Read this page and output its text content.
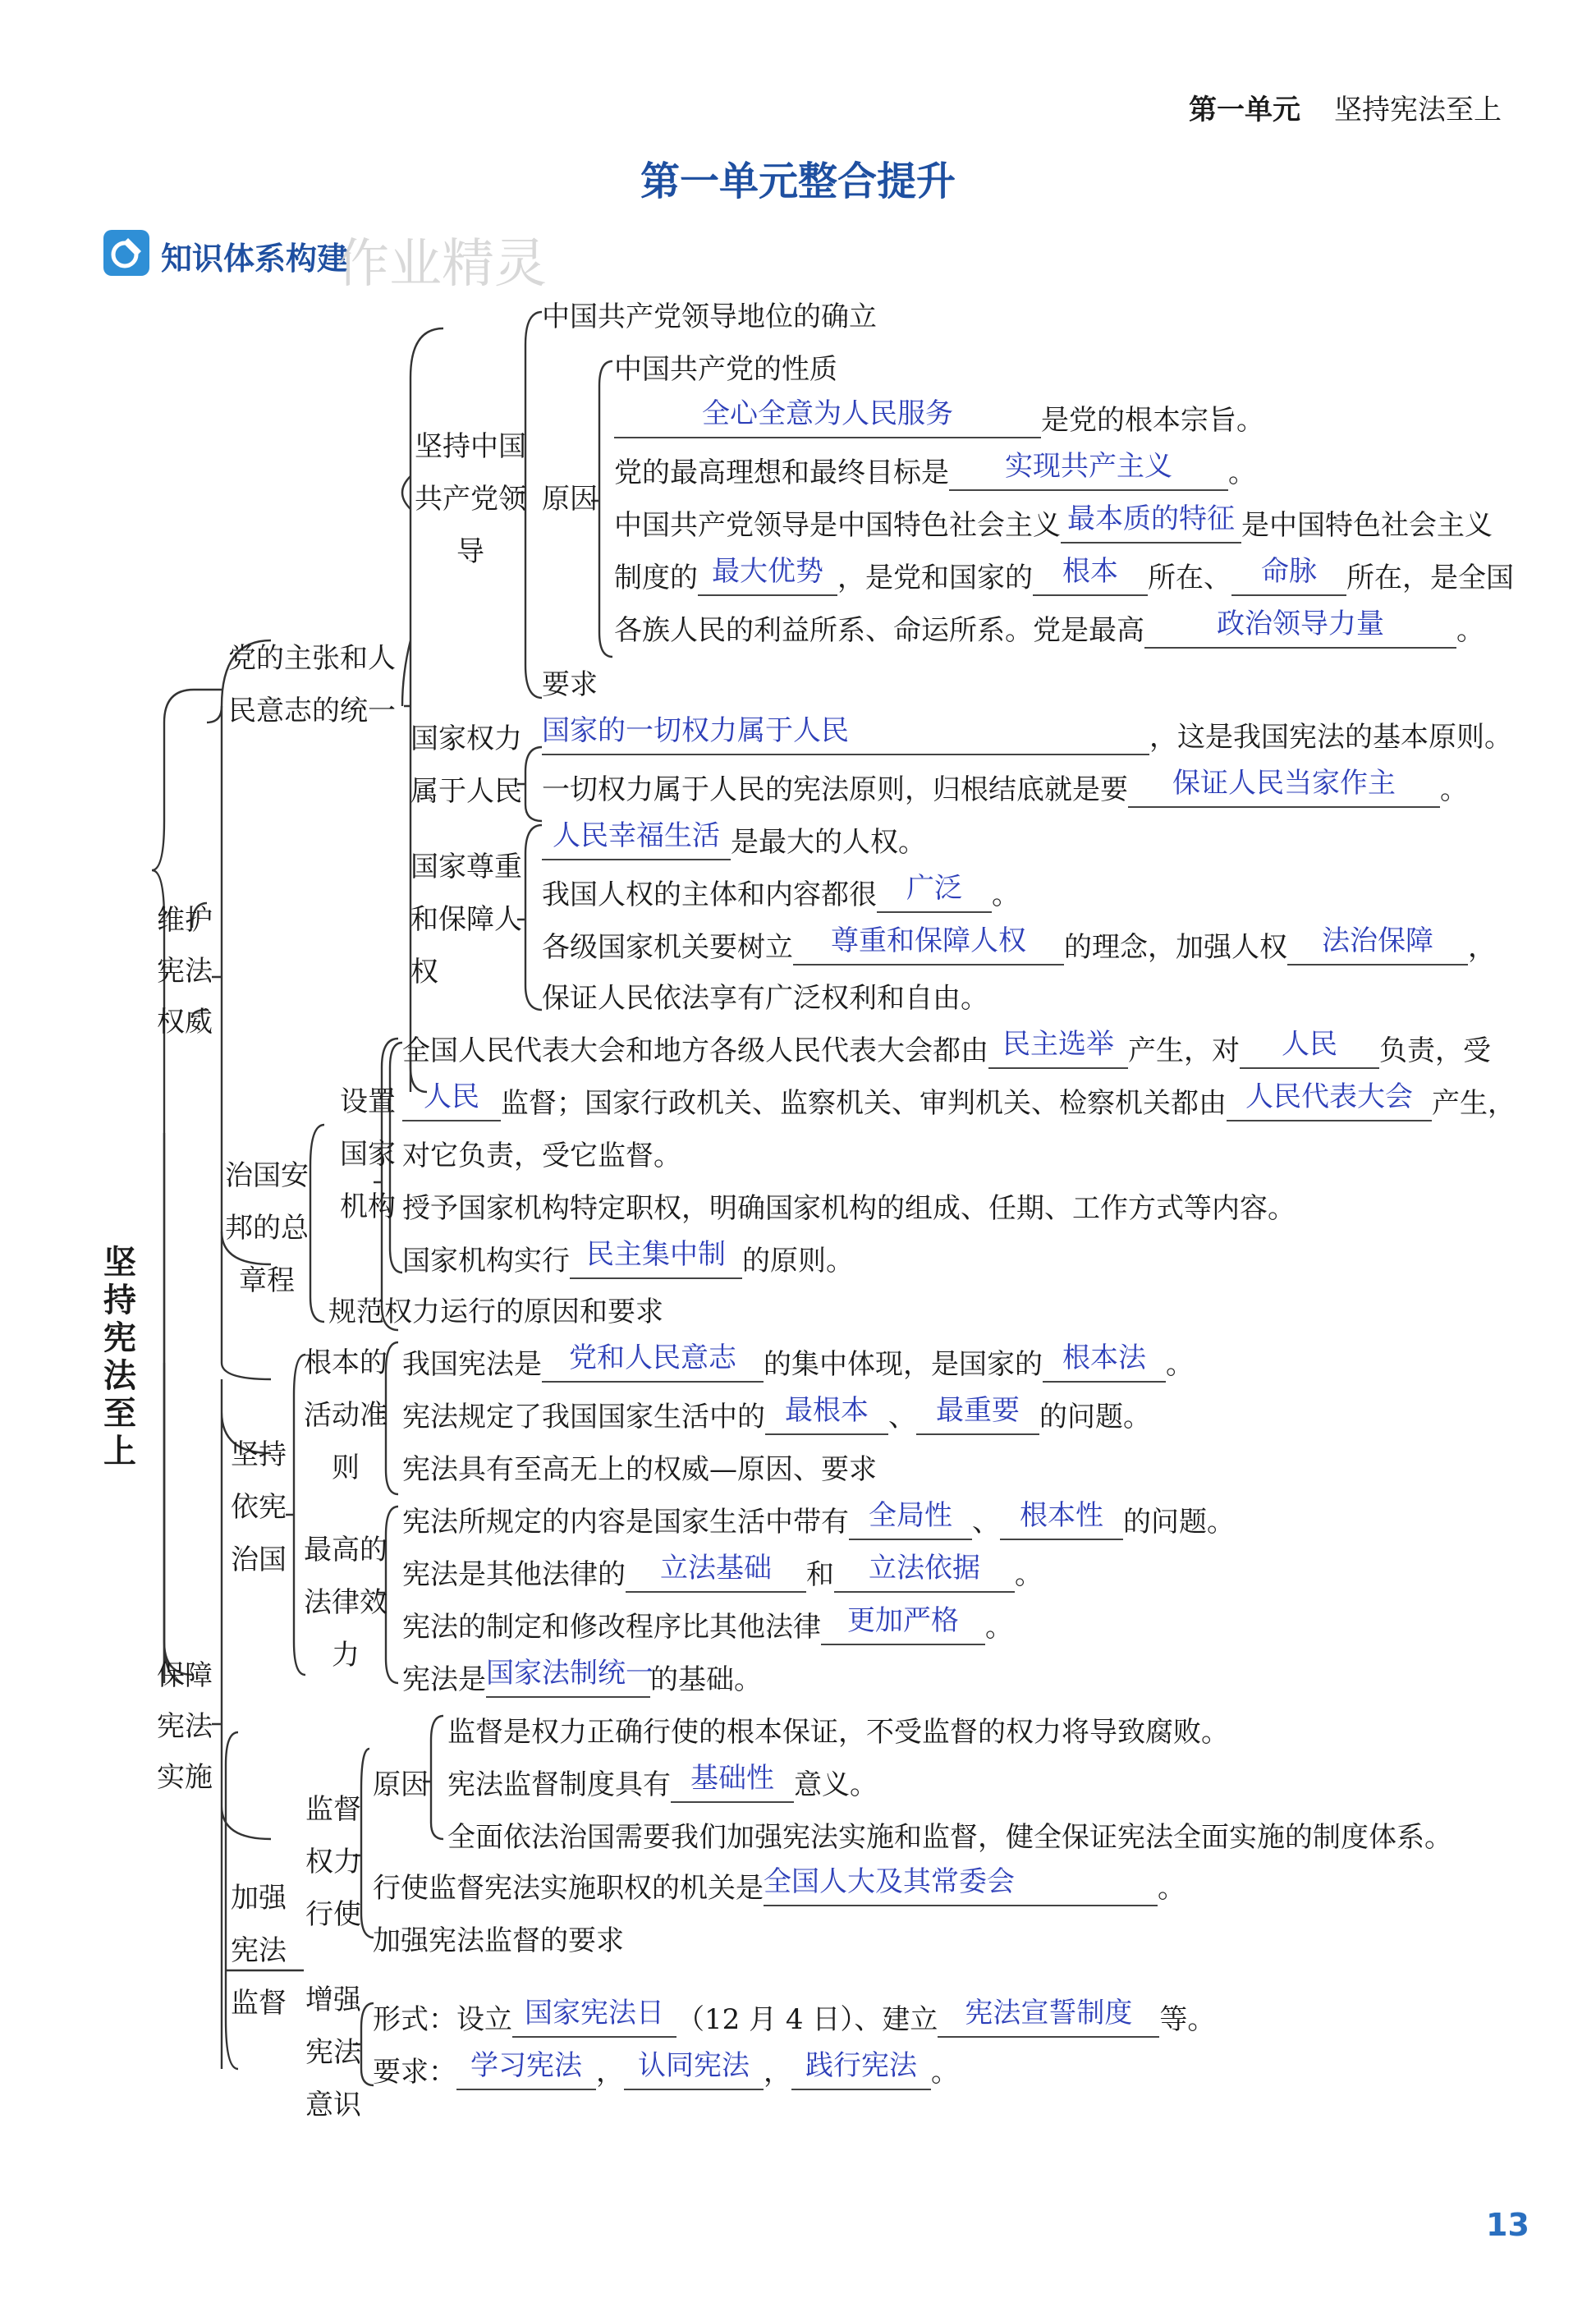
第一单元 坚持宪法至上
第一单元整合提升
知识体系构建
作业精灵
坚持宪法至上
维护宪法权威
保障宪法实施
党的主张和人民意志的统一
治国安邦的总章程
坚持中国共产党领导
中国共产党领导地位的确立
原因
中国共产党的性质
全心全意为人民服务	是党的根本宗旨。
党的最高理想和最终目标是 实现共产主义 。
中国共产党领导是中国特色社会主义 最本质的特征 是中国特色社会主义
制度的 最大优势 ，是党和国家的 根本 所在、 命脉 所在，是全国
各族人民的利益所系、命运所系。党是最高	政治领导力量	。
要求
国家权力属于人民
国家的一切权力属于人民	，这是我国宪法的基本原则。
一切权力属于人民的宪法原则，归根结底就是要 保证人民当家作主 。
国家尊重和保障人权
人民幸福生活 是最大的人权。
我国人权的主体和内容都很 广泛 。
各级国家机关要树立 尊重和保障人权 的理念，加强人权 法治保障 ，
保证人民依法享有广泛权利和自由。
设置国家机构
全国人民代表大会和地方各级人民代表大会都由 民主选举 产生，对 人民 负责，受
人民 监督；国家行政机关、监察机关、审判机关、检察机关都由 人民代表大会 产生，
对它负责，受它监督。
授予国家机构特定职权，明确国家机构的组成、任期、工作方式等内容。
国家机构实行 民主集中制 的原则。
规范权力运行的原因和要求
坚持依宪治国
根本的活动准则
我国宪法是 党和人民意志 的集中体现，是国家的 根本法 。
宪法规定了我国国家生活中的 最根本 、 最重要 的问题。
宪法具有至高无上的权威—原因、要求
最高的法律效力
宪法所规定的内容是国家生活中带有 全局性 、 根本性 的问题。
宪法是其他法律的 立法基础 和 立法依据 。
宪法的制定和修改程序比其他法律 更加严格 。
宪法是国家法制统一的基础。
加强宪法监督
监督权力行使
原因
监督是权力正确行使的根本保证，不受监督的权力将导致腐败。
宪法监督制度具有 基础性 意义。
全面依法治国需要我们加强宪法实施和监督，健全保证宪法全面实施的制度体系。
行使监督宪法实施职权的机关是全国人大及其常委会	。
加强宪法监督的要求
增强宪法意识
形式：设立 国家宪法日 （12 月 4 日）、建立 宪法宣誓制度 等。
要求： 学习宪法 ， 认同宪法 ， 践行宪法 。
13
